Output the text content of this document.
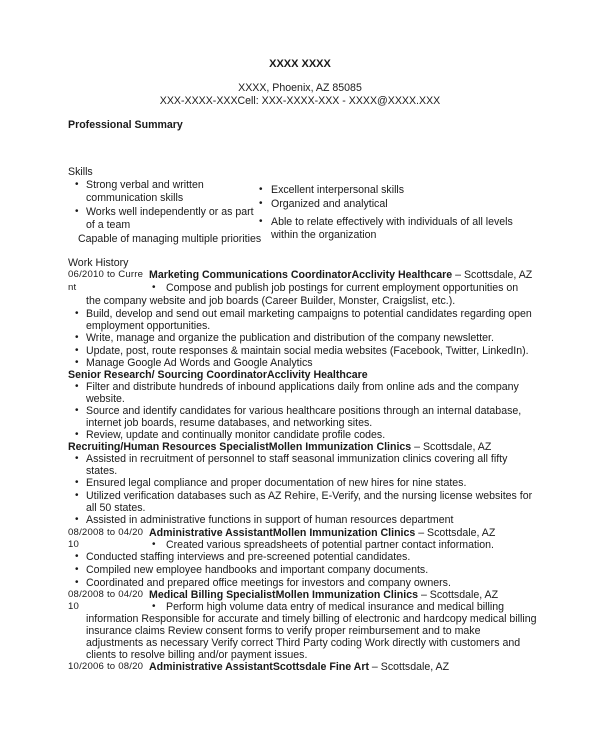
XXXX XXXX
XXXX, Phoenix, AZ 85085
XXX-XXXX-XXXCell: XXX-XXXX-XXX - XXXX@XXXX.XXX
Professional Summary
Skills
• Strong verbal and written
communication skills
• Works well independently or as part
of a team
Capable of managing multiple priorities
• Excellent interpersonal skills
• Organized and analytical
• Able to relate effectively with individuals of all levels
within the organization
Work History
06/2010 to Curre
nt
Marketing Communications CoordinatorAcclivity Healthcare – Scottsdale, AZ
• Compose and publish job postings for current employment opportunities on
the company website and job boards (Career Builder, Monster, Craigslist, etc.).
• Build, develop and send out email marketing campaigns to potential candidates regarding open
employment opportunities.
• Write, manage and organize the publication and distribution of the company newsletter.
• Update, post, route responses & maintain social media websites (Facebook, Twitter, LinkedIn).
• Manage Google Ad Words and Google Analytics
Senior Research/ Sourcing CoordinatorAcclivity Healthcare
• Filter and distribute hundreds of inbound applications daily from online ads and the company
website.
• Source and identify candidates for various healthcare positions through an internal database,
internet job boards, resume databases, and networking sites.
• Review, update and continually monitor candidate profile codes.
Recruiting/Human Resources SpecialistMollen Immunization Clinics – Scottsdale, AZ
• Assisted in recruitment of personnel to staff seasonal immunization clinics covering all fifty
states.
• Ensured legal compliance and proper documentation of new hires for nine states.
• Utilized verification databases such as AZ Rehire, E-Verify, and the nursing license websites for
all 50 states.
• Assisted in administrative functions in support of human resources department
08/2008 to 04/20
10
Administrative AssistantMollen Immunization Clinics – Scottsdale, AZ
• Created various spreadsheets of potential partner contact information.
• Conducted staffing interviews and pre-screened potential candidates.
• Compiled new employee handbooks and important company documents.
• Coordinated and prepared office meetings for investors and company owners.
08/2008 to 04/20
10
Medical Billing SpecialistMollen Immunization Clinics – Scottsdale, AZ
• Perform high volume data entry of medical insurance and medical billing
information Responsible for accurate and timely billing of electronic and hardcopy medical billing
insurance claims Review consent forms to verify proper reimbursement and to make
adjustments as necessary Verify correct Third Party coding Work directly with customers and
clients to resolve billing and/or payment issues.
10/2006 to 08/20 Administrative AssistantScottsdale Fine Art – Scottsdale, AZ
